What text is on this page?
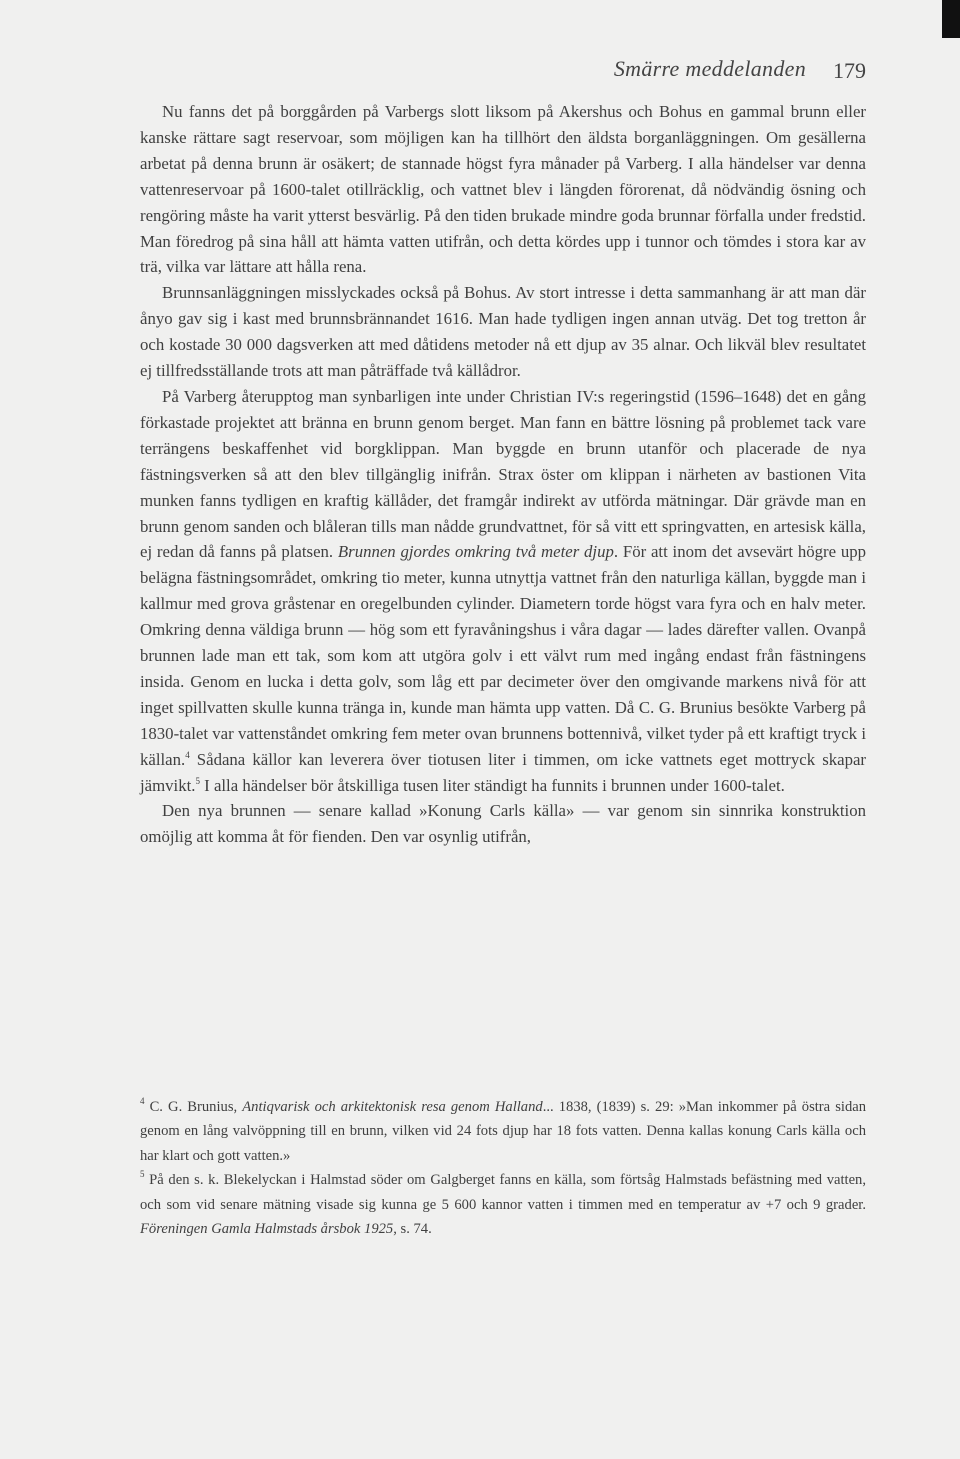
Smärre meddelanden 179

Nu fanns det på borggården på Varbergs slott liksom på Akershus och Bohus en gammal brunn eller kanske rättare sagt reservoar, som möjligen kan ha tillhört den äldsta borganläggningen. Om gesällerna arbetat på denna brunn är osäkert; de stannade högst fyra månader på Varberg. I alla händelser var denna vattenreservoar på 1600-talet otillräcklig, och vattnet blev i längden förorenat, då nödvändig ösning och rengöring måste ha varit ytterst besvärlig. På den tiden brukade mindre goda brunnar förfalla under fredstid. Man föredrog på sina håll att hämta vatten utifrån, och detta kördes upp i tunnor och tömdes i stora kar av trä, vilka var lättare att hålla rena.

Brunnsanläggningen misslyckades också på Bohus. Av stort intresse i detta sammanhang är att man där ånyo gav sig i kast med brunnsbrännandet 1616. Man hade tydligen ingen annan utväg. Det tog tretton år och kostade 30 000 dagsverken att med dåtidens metoder nå ett djup av 35 alnar. Och likväl blev resultatet ej tillfredsställande trots att man påträffade två källådror.

På Varberg återupptog man synbarligen inte under Christian IV:s regeringstid (1596–1648) det en gång förkastade projektet att bränna en brunn genom berget. Man fann en bättre lösning på problemet tack vare terrängens beskaffenhet vid borgklippan. Man byggde en brunn utanför och placerade de nya fästningsverken så att den blev tillgänglig inifrån. Strax öster om klippan i närheten av bastionen Vita munken fanns tydligen en kraftig källåder, det framgår indirekt av utförda mätningar. Där grävde man en brunn genom sanden och blåleran tills man nådde grundvattnet, för så vitt ett springvatten, en artesisk källa, ej redan då fanns på platsen. Brunnen gjordes omkring två meter djup. För att inom det avsevärt högre upp belägna fästningsområdet, omkring tio meter, kunna utnyttja vattnet från den naturliga källan, byggde man i kallmur med grova gråstenar en oregelbunden cylinder. Diametern torde högst vara fyra och en halv meter. Omkring denna väldiga brunn — hög som ett fyravåningshus i våra dagar — lades därefter vallen. Ovanpå brunnen lade man ett tak, som kom att utgöra golv i ett välvt rum med ingång endast från fästningens insida. Genom en lucka i detta golv, som låg ett par decimeter över den omgivande markens nivå för att inget spillvatten skulle kunna tränga in, kunde man hämta upp vatten. Då C. G. Brunius besökte Varberg på 1830-talet var vattenståndet omkring fem meter ovan brunnens bottennivå, vilket tyder på ett kraftigt tryck i källan.$^4$ Sådana källor kan leverera över tiotusen liter i timmen, om icke vattnets eget mottryck skapar jämvikt.$^5$ I alla händelser bör åtskilliga tusen liter ständigt ha funnits i brunnen under 1600-talet.

Den nya brunnen — senare kallad »Konung Carls källa» — var genom sin sinnrika konstruktion omöjlig att komma åt för fienden. Den var osynlig utifrån,

$^4$ C. G. Brunius, Antiqvarisk och arkitektonisk resa genom Halland... 1838, (1839) s. 29: »Man inkommer på östra sidan genom en lång valvöppning till en brunn, vilken vid 24 fots djup har 18 fots vatten. Denna kallas konung Carls källa och har klart och gott vatten.»

$^5$ På den s. k. Blekelyckan i Halmstad söder om Galgberget fanns en källa, som förtsåg Halmstads befästning med vatten, och som vid senare mätning visade sig kunna ge 5 600 kannor vatten i timmen med en temperatur av +7 och 9 grader. Föreningen Gamla Halmstads årsbok 1925, s. 74.
